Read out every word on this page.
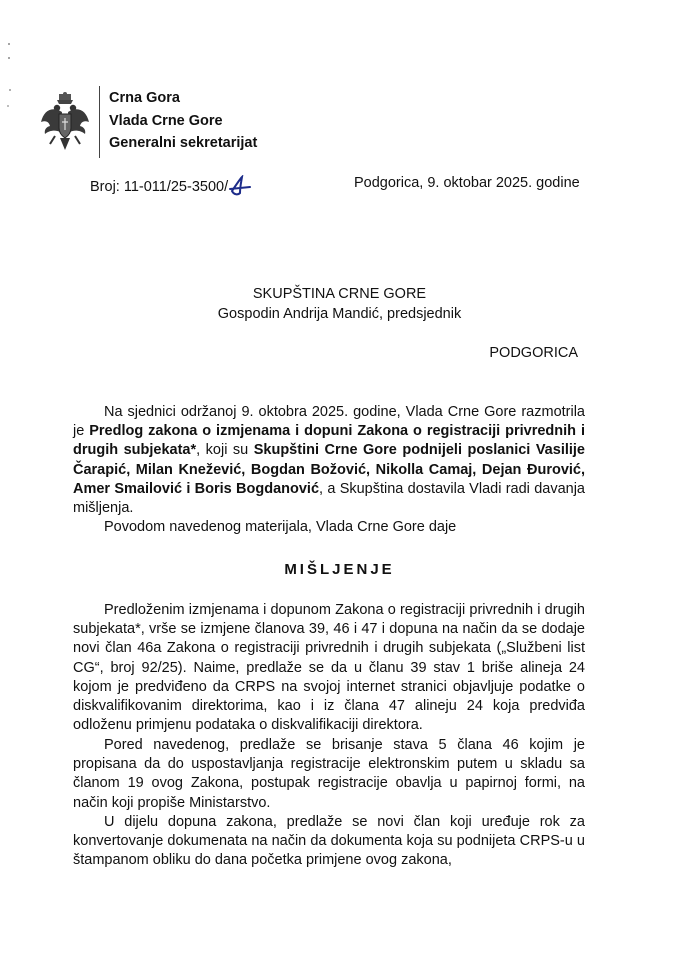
Crna Gora
Vlada Crne Gore
Generalni sekretarijat
Broj: 11-011/25-3500/	Podgorica, 9. oktobar 2025. godine
SKUPŠTINA CRNE GORE
Gospodin Andrija Mandić, predsjednik
PODGORICA
Na sjednici održanoj 9. oktobra 2025. godine, Vlada Crne Gore razmotrila je Predlog zakona o izmjenama i dopuni Zakona o registraciji privrednih i drugih subjekata*, koji su Skupštini Crne Gore podnijeli poslanici Vasilije Čarapić, Milan Knežević, Bogdan Božović, Nikolla Camaj, Dejan Đurović, Amer Smailović i Boris Bogdanović, a Skupština dostavila Vladi radi davanja mišljenja.
Povodom navedenog materijala, Vlada Crne Gore daje
MIŠLJENJE
Predloženim izmjenama i dopunom Zakona o registraciji privrednih i drugih subjekata*, vrše se izmjene članova 39, 46 i 47 i dopuna na način da se dodaje novi član 46a Zakona o registraciji privrednih i drugih subjekata („Službeni list CG“, broj 92/25). Naime, predlaže se da u članu 39 stav 1 briše alineja 24 kojom je predviđeno da CRPS na svojoj internet stranici objavljuje podatke o diskvalifikovanim direktorima, kao i iz člana 47 alineju 24 koja predviđa odloženu primjenu podataka o diskvalifikaciji direktora.
Pored navedenog, predlaže se brisanje stava 5 člana 46 kojim je propisana da do uspostavljanja registracije elektronskim putem u skladu sa članom 19 ovog Zakona, postupak registracije obavlja u papirnoj formi, na način koji propiše Ministarstvo.
U dijelu dopuna zakona, predlaže se novi član koji uređuje rok za konvertovanje dokumenata na način da dokumenta koja su podnijeta CRPS-u u štampanom obliku do dana početka primjene ovog zakona,
